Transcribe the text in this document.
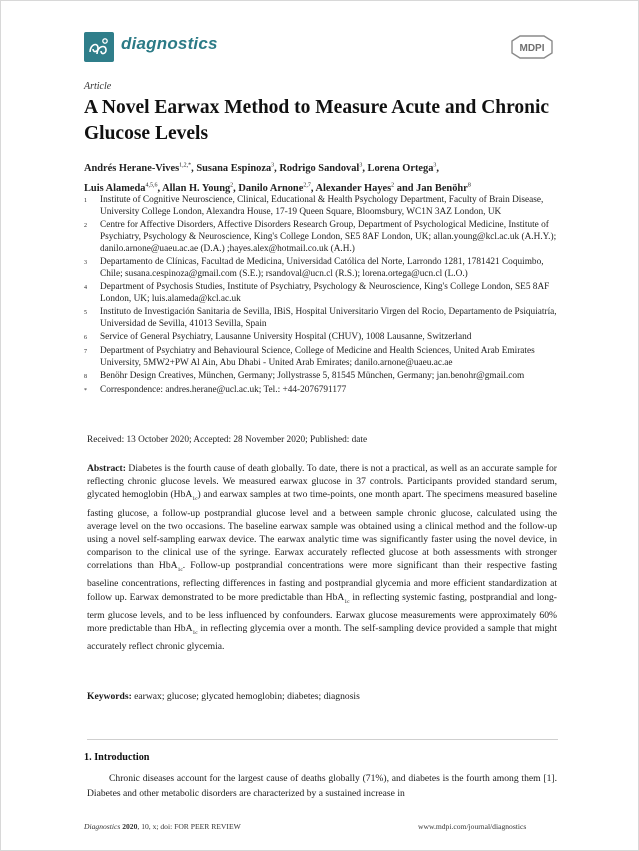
diagnostics	MDPI
Article
A Novel Earwax Method to Measure Acute and Chronic Glucose Levels
Andrés Herane-Vives$^{1,2,*}$, Susana Espinoza$^3$, Rodrigo Sandoval$^3$, Lorena Ortega$^3$,
Luis Alameda$^{4,5,6}$, Allan H. Young$^2$, Danilo Arnone$^{2,7}$, Alexander Hayes$^2$ and Jan Benöhr$^8$
1	Institute of Cognitive Neuroscience, Clinical, Educational & Health Psychology Department, Faculty of Brain Disease, University College London, Alexandra House, 17-19 Queen Square, Bloomsbury, WC1N 3AZ London, UK
2	Centre for Affective Disorders, Affective Disorders Research Group, Department of Psychological Medicine, Institute of Psychiatry, Psychology & Neuroscience, King's College London, SE5 8AF London, UK; allan.young@kcl.ac.uk (A.H.Y.); danilo.arnone@uaeu.ac.ae (D.A.) ;hayes.alex@hotmail.co.uk (A.H.)
3	Departamento de Clínicas, Facultad de Medicina, Universidad Católica del Norte, Larrondo 1281, 1781421 Coquimbo, Chile; susana.cespinoza@gmail.com (S.E.); rsandoval@ucn.cl (R.S.); lorena.ortega@ucn.cl (L.O.)
4	Department of Psychosis Studies, Institute of Psychiatry, Psychology & Neuroscience, King's College London, SE5 8AF London, UK; luis.alameda@kcl.ac.uk
5	Instituto de Investigación Sanitaria de Sevilla, IBiS, Hospital Universitario Virgen del Rocio, Departamento de Psiquiatría, Universidad de Sevilla, 41013 Sevilla, Spain
6	Service of General Psychiatry, Lausanne University Hospital (CHUV), 1008 Lausanne, Switzerland
7	Department of Psychiatry and Behavioural Science, College of Medicine and Health Sciences, United Arab Emirates University, 5MW2+PW Al Ain, Abu Dhabi - United Arab Emirates; danilo.arnone@uaeu.ac.ae
8	Benöhr Design Creatives, München, Germany; Jollystrasse 5, 81545 München, Germany; jan.benohr@gmail.com
*	Correspondence: andres.herane@ucl.ac.uk; Tel.: +44-2076791177
Received: 13 October 2020; Accepted: 28 November 2020; Published: date
Abstract: Diabetes is the fourth cause of death globally. To date, there is not a practical, as well as an accurate sample for reflecting chronic glucose levels. We measured earwax glucose in 37 controls. Participants provided standard serum, glycated hemoglobin (HbA$_{1c}$) and earwax samples at two time-points, one month apart. The specimens measured baseline fasting glucose, a follow-up postprandial glucose level and a between sample chronic glucose, calculated using the average level on the two occasions. The baseline earwax sample was obtained using a clinical method and the follow-up using a novel self-sampling earwax device. The earwax analytic time was significantly faster using the novel device, in comparison to the clinical use of the syringe. Earwax accurately reflected glucose at both assessments with stronger correlations than HbA$_{1c}$. Follow-up postprandial concentrations were more significant than their respective fasting baseline concentrations, reflecting differences in fasting and postprandial glycemia and more efficient standardization at follow up. Earwax demonstrated to be more predictable than HbA$_{1c}$ in reflecting systemic fasting, postprandial and long-term glucose levels, and to be less influenced by confounders. Earwax glucose measurements were approximately 60% more predictable than HbA$_{1c}$ in reflecting glycemia over a month. The self-sampling device provided a sample that might accurately reflect chronic glycemia.
Keywords: earwax; glucose; glycated hemoglobin; diabetes; diagnosis
1. Introduction
Chronic diseases account for the largest cause of deaths globally (71%), and diabetes is the fourth among them [1]. Diabetes and other metabolic disorders are characterized by a sustained increase in
Diagnostics 2020, 10, x; doi: FOR PEER REVIEW	www.mdpi.com/journal/diagnostics
